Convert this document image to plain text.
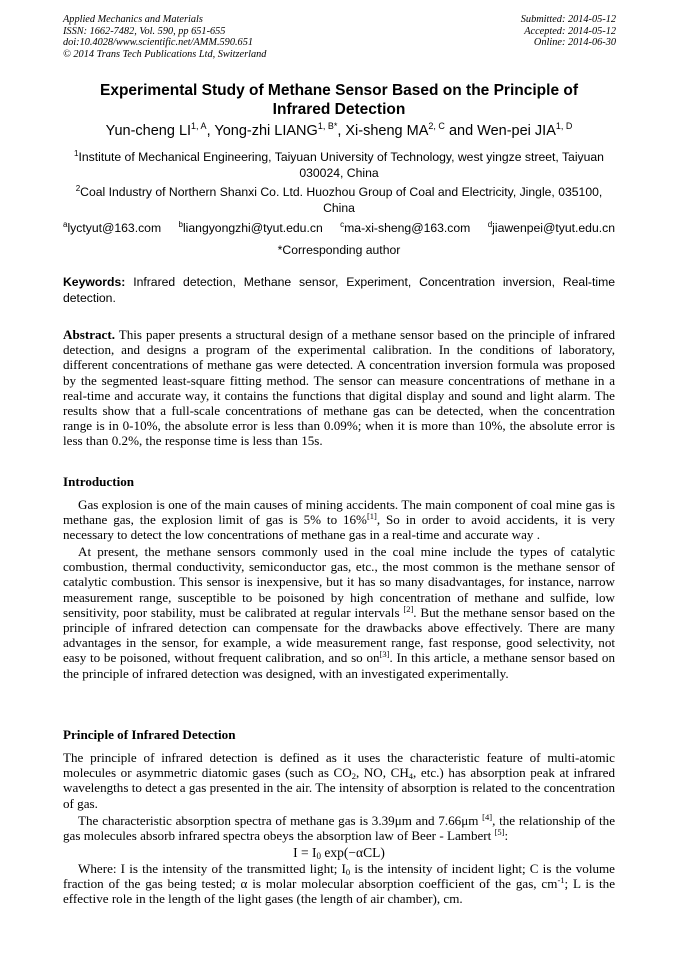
Applied Mechanics and Materials
ISSN: 1662-7482, Vol. 590, pp 651-655
doi:10.4028/www.scientific.net/AMM.590.651
© 2014 Trans Tech Publications Ltd, Switzerland
Submitted: 2014-05-12
Accepted: 2014-05-12
Online: 2014-06-30
Experimental Study of Methane Sensor Based on the Principle of
Infrared Detection
Yun-cheng $LI^{1, A}$, Yong-zhi $LIANG^{1, B*}$, Xi-sheng $MA^{2, C}$ and Wen-pei $JIA^{1, D}$
$^1$Institute of Mechanical Engineering, Taiyuan University of Technology, west yingze street, Taiyuan 030024, China
$^2$Coal Industry of Northern Shanxi Co. Ltd. Huozhou Group of Coal and Electricity, Jingle, 035100, China
$^a$lyctyut@163.com $^b$liangyongzhi@tyut.edu.cn $^c$ma-xi-sheng@163.com $^d$jiawenpei@tyut.edu.cn
*Corresponding author
Keywords: Infrared detection, Methane sensor, Experiment, Concentration inversion, Real-time detection.
Abstract. This paper presents a structural design of a methane sensor based on the principle of infrared detection, and designs a program of the experimental calibration. In the conditions of laboratory, different concentrations of methane gas were detected. A concentration inversion formula was proposed by the segmented least-square fitting method. The sensor can measure concentrations of methane in a real-time and accurate way, it contains the functions that digital display and sound and light alarm. The results show that a full-scale concentrations of methane gas can be detected, when the concentration range is in 0-10%, the absolute error is less than 0.09%; when it is more than 10%, the absolute error is less than 0.2%, the response time is less than 15s.
Introduction
Gas explosion is one of the main causes of mining accidents. The main component of coal mine gas is methane gas, the explosion limit of gas is 5% to 16%[1], So in order to avoid accidents, it is very necessary to detect the low concentrations of methane gas in a real-time and accurate way .
At present, the methane sensors commonly used in the coal mine include the types of catalytic combustion, thermal conductivity, semiconductor gas, etc., the most common is the methane sensor of catalytic combustion. This sensor is inexpensive, but it has so many disadvantages, for instance, narrow measurement range, susceptible to be poisoned by high concentration of methane and sulfide, low sensitivity, poor stability, must be calibrated at regular intervals [2]. But the methane sensor based on the principle of infrared detection can compensate for the drawbacks above effectively. There are many advantages in the sensor, for example, a wide measurement range, fast response, good selectivity, not easy to be poisoned, without frequent calibration, and so on[3]. In this article, a methane sensor based on the principle of infrared detection was designed, with an investigated experimentally.
Principle of Infrared Detection
The principle of infrared detection is defined as it uses the characteristic feature of multi-atomic molecules or asymmetric diatomic gases (such as $CO_2$, NO, $CH_4$, etc.) has absorption peak at infrared wavelengths to detect a gas presented in the air. The intensity of absorption is related to the concentration of gas.
The characteristic absorption spectra of methane gas is 3.39μm and 7.66μm [4], the relationship of the gas molecules absorb infrared spectra obeys the absorption law of Beer - Lambert [5]:
$I = I_0$ exp(−αCL)
Where: I is the intensity of the transmitted light; $I_0$ is the intensity of incident light; C is the volume fraction of the gas being tested; α is molar molecular absorption coefficient of the gas, $cm^{-1}$; L is the effective role in the length of the light gases (the length of air chamber), cm.
